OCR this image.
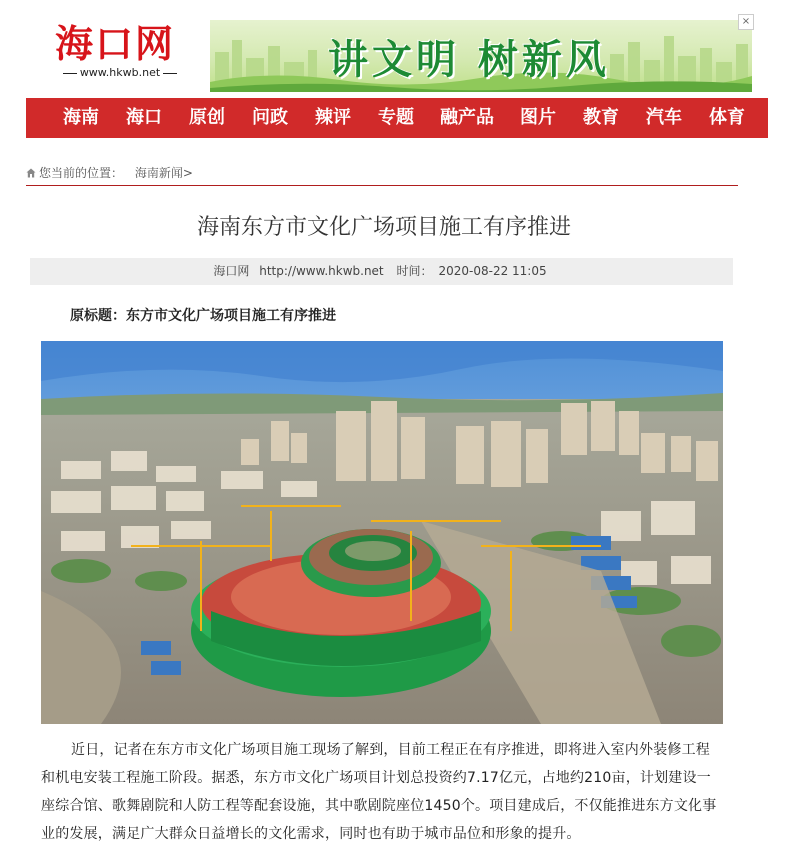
海口网
www.hkwb.net	讲文明 树新风
×
海南 海口 原创 问政 辣评 专题 融产品 图片 教育 汽车 体育 滚
您当前的位置： 海南新闻>
海南东方市文化广场项目施工有序推进
海口网 http://www.hkwb.net 时间： 2020-08-22 11:05
原标题：东方市文化广场项目施工有序推进
近日，记者在东方市文化广场项目施工现场了解到，目前工程正在有序推进，即将进入室内外装修工程和机电安装工程施工阶段。据悉，东方市文化广场项目计划总投资约7.17亿元，占地约210亩，计划建设一座综合馆、歌舞剧院和人防工程等配套设施，其中歌剧院座位1450个。项目建成后，不仅能推进东方文化事业的发展，满足广大群众日益增长的文化需求，同时也有助于城市品位和形象的提升。
